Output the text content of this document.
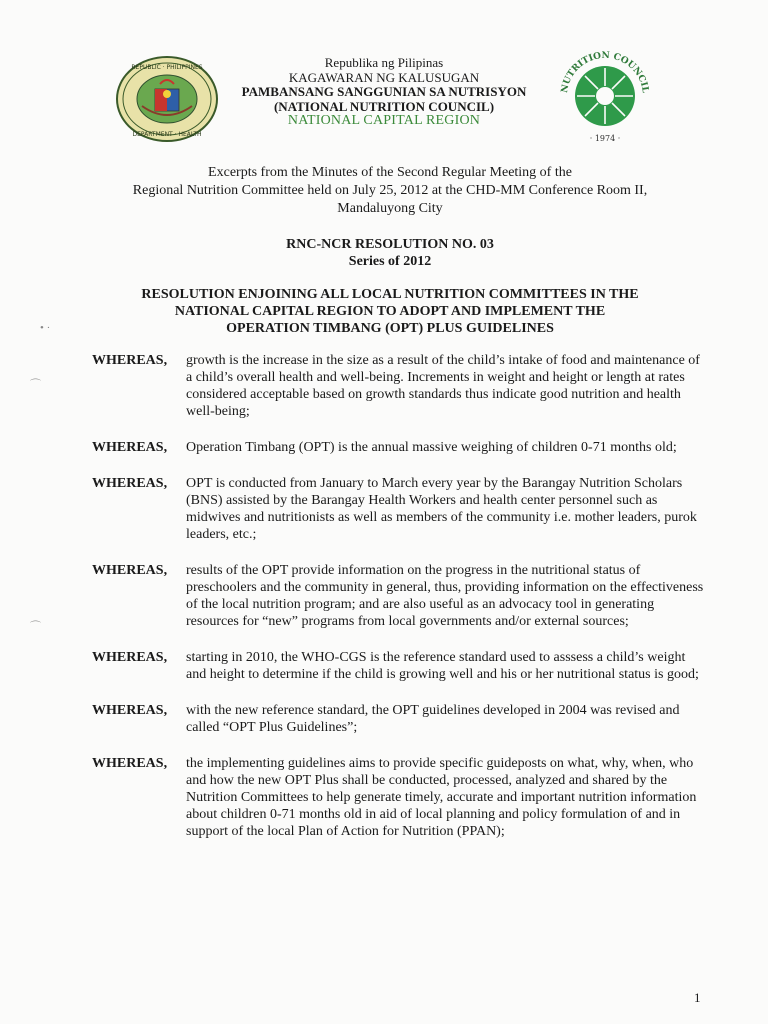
REPUBLIC · PHILIPPINES
DEPARTMENT · HEALTH
Republika ng Pilipinas
KAGAWARAN NG KALUSUGAN
PAMBANSANG SANGGUNIAN SA NUTRISYON
(NATIONAL NUTRITION COUNCIL)
NATIONAL CAPITAL REGION
NUTRITION COUNCIL
· 1974 ·
Excerpts from the Minutes of the Second Regular Meeting of the
Regional Nutrition Committee held on July 25, 2012 at the CHD-MM Conference Room II,
Mandaluyong City
RNC-NCR RESOLUTION NO. 03
Series of 2012
RESOLUTION ENJOINING ALL LOCAL NUTRITION COMMITTEES IN THE
NATIONAL CAPITAL REGION TO ADOPT AND IMPLEMENT THE
OPERATION TIMBANG (OPT) PLUS GUIDELINES
WHEREAS,	growth is the increase in the size as a result of the child’s intake of food and maintenance of a child’s overall health and well-being. Increments in weight and height or length at rates considered acceptable based on growth standards thus indicate good nutrition and health well-being;
WHEREAS,	Operation Timbang (OPT) is the annual massive weighing of children 0-71 months old;
WHEREAS,	OPT is conducted from January to March every year by the Barangay Nutrition Scholars (BNS) assisted by the Barangay Health Workers and health center personnel such as midwives and nutritionists as well as members of the community i.e. mother leaders, purok leaders, etc.;
WHEREAS,	results of the OPT provide information on the progress in the nutritional status of preschoolers and the community in general, thus, providing information on the effectiveness of the local nutrition program; and are also useful as an advocacy tool in generating resources for “new” programs from local governments and/or external sources;
WHEREAS,	starting in 2010, the WHO-CGS is the reference standard used to asssess a child’s weight and height to determine if the child is growing well and his or her nutritional status is good;
WHEREAS,	with the new reference standard, the OPT guidelines developed in 2004 was revised and called “OPT Plus Guidelines”;
WHEREAS,	the implementing guidelines aims to provide specific guideposts on what, why, when, who and how the new OPT Plus shall be conducted, processed, analyzed and shared by the Nutrition Committees to help generate timely, accurate and important nutrition information about children 0-71 months old in aid of local planning and policy formulation of and in support of the local Plan of Action for Nutrition (PPAN);
1
• ·
⌒
⌒
